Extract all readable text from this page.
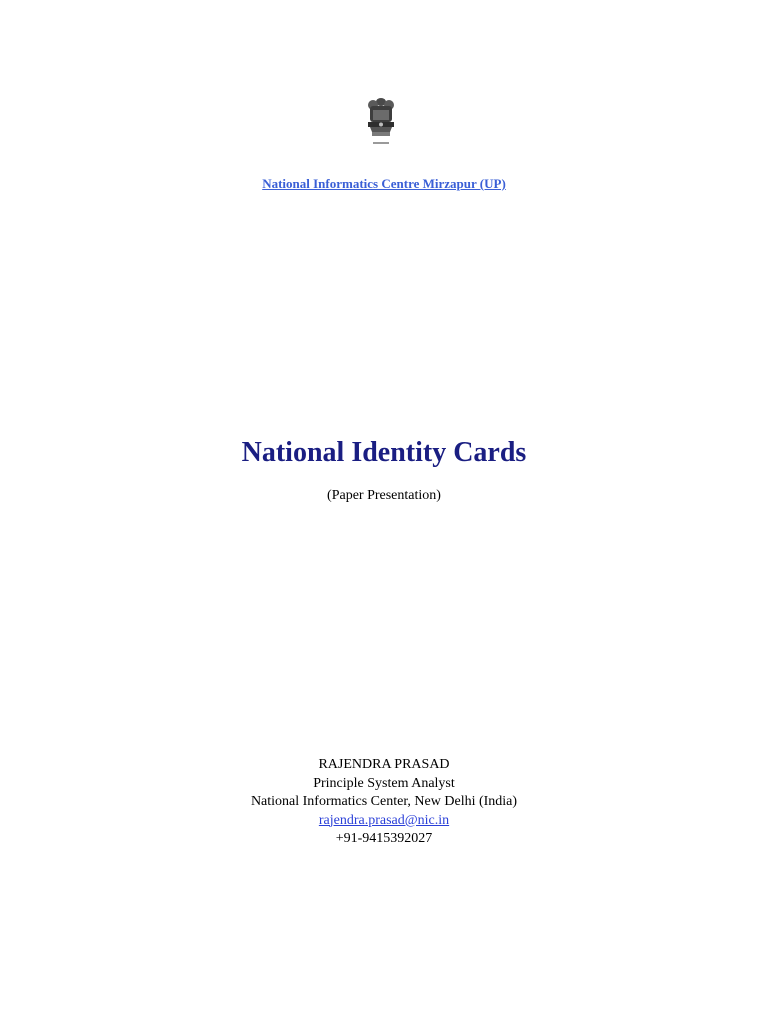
National Informatics Centre Mirzapur (UP)
National Identity Cards
(Paper Presentation)
RAJENDRA PRASAD
Principle System Analyst
National Informatics Center, New Delhi (India)
rajendra.prasad@nic.in
+91-9415392027
